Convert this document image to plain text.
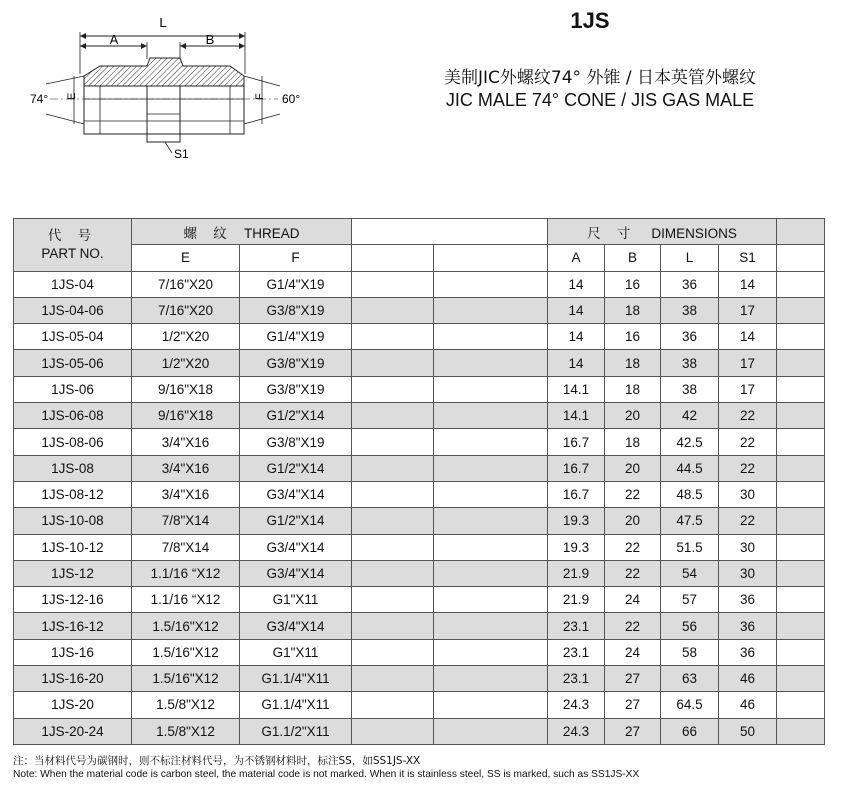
1JS
美制JIC外螺纹74° 外锥 / 日本英管外螺纹
JIC MALE 74° CONE / JIS GAS MALE
L
A	B
E	F
74°	60°
S1
代 号
PART NO.	螺 纹 THREAD				尺 寸 DIMENSIONS				
	E	F			A	B	L	S1	
1JS-04	7/16"X20	G1/4"X19			14	16	36	14	
1JS-04-06	7/16"X20	G3/8"X19			14	18	38	17	
1JS-05-04	1/2"X20	G1/4"X19			14	16	36	14	
1JS-05-06	1/2"X20	G3/8"X19			14	18	38	17	
1JS-06	9/16"X18	G3/8"X19			14.1	18	38	17	
1JS-06-08	9/16"X18	G1/2"X14			14.1	20	42	22	
1JS-08-06	3/4"X16	G3/8"X19			16.7	18	42.5	22	
1JS-08	3/4"X16	G1/2"X14			16.7	20	44.5	22	
1JS-08-12	3/4"X16	G3/4"X14			16.7	22	48.5	30	
1JS-10-08	7/8"X14	G1/2"X14			19.3	20	47.5	22	
1JS-10-12	7/8"X14	G3/4"X14			19.3	22	51.5	30	
1JS-12	1.1/16 “X12	G3/4"X14			21.9	22	54	30	
1JS-12-16	1.1/16 “X12	G1"X11			21.9	24	57	36	
1JS-16-12	1.5/16"X12	G3/4"X14			23.1	22	56	36	
1JS-16	1.5/16"X12	G1"X11			23.1	24	58	36	
1JS-16-20	1.5/16"X12	G1.1/4"X11			23.1	27	63	46	
1JS-20	1.5/8"X12	G1.1/4"X11			24.3	27	64.5	46	
1JS-20-24	1.5/8"X12	G1.1/2"X11			24.3	27	66	50	
注：当材料代号为碳钢时，则不标注材料代号，为不锈钢材料时，标注SS，如SS1JS-XX
Note: When the material code is carbon steel, the material code is not marked. When it is stainless steel, SS is marked, such as SS1JS-XX
